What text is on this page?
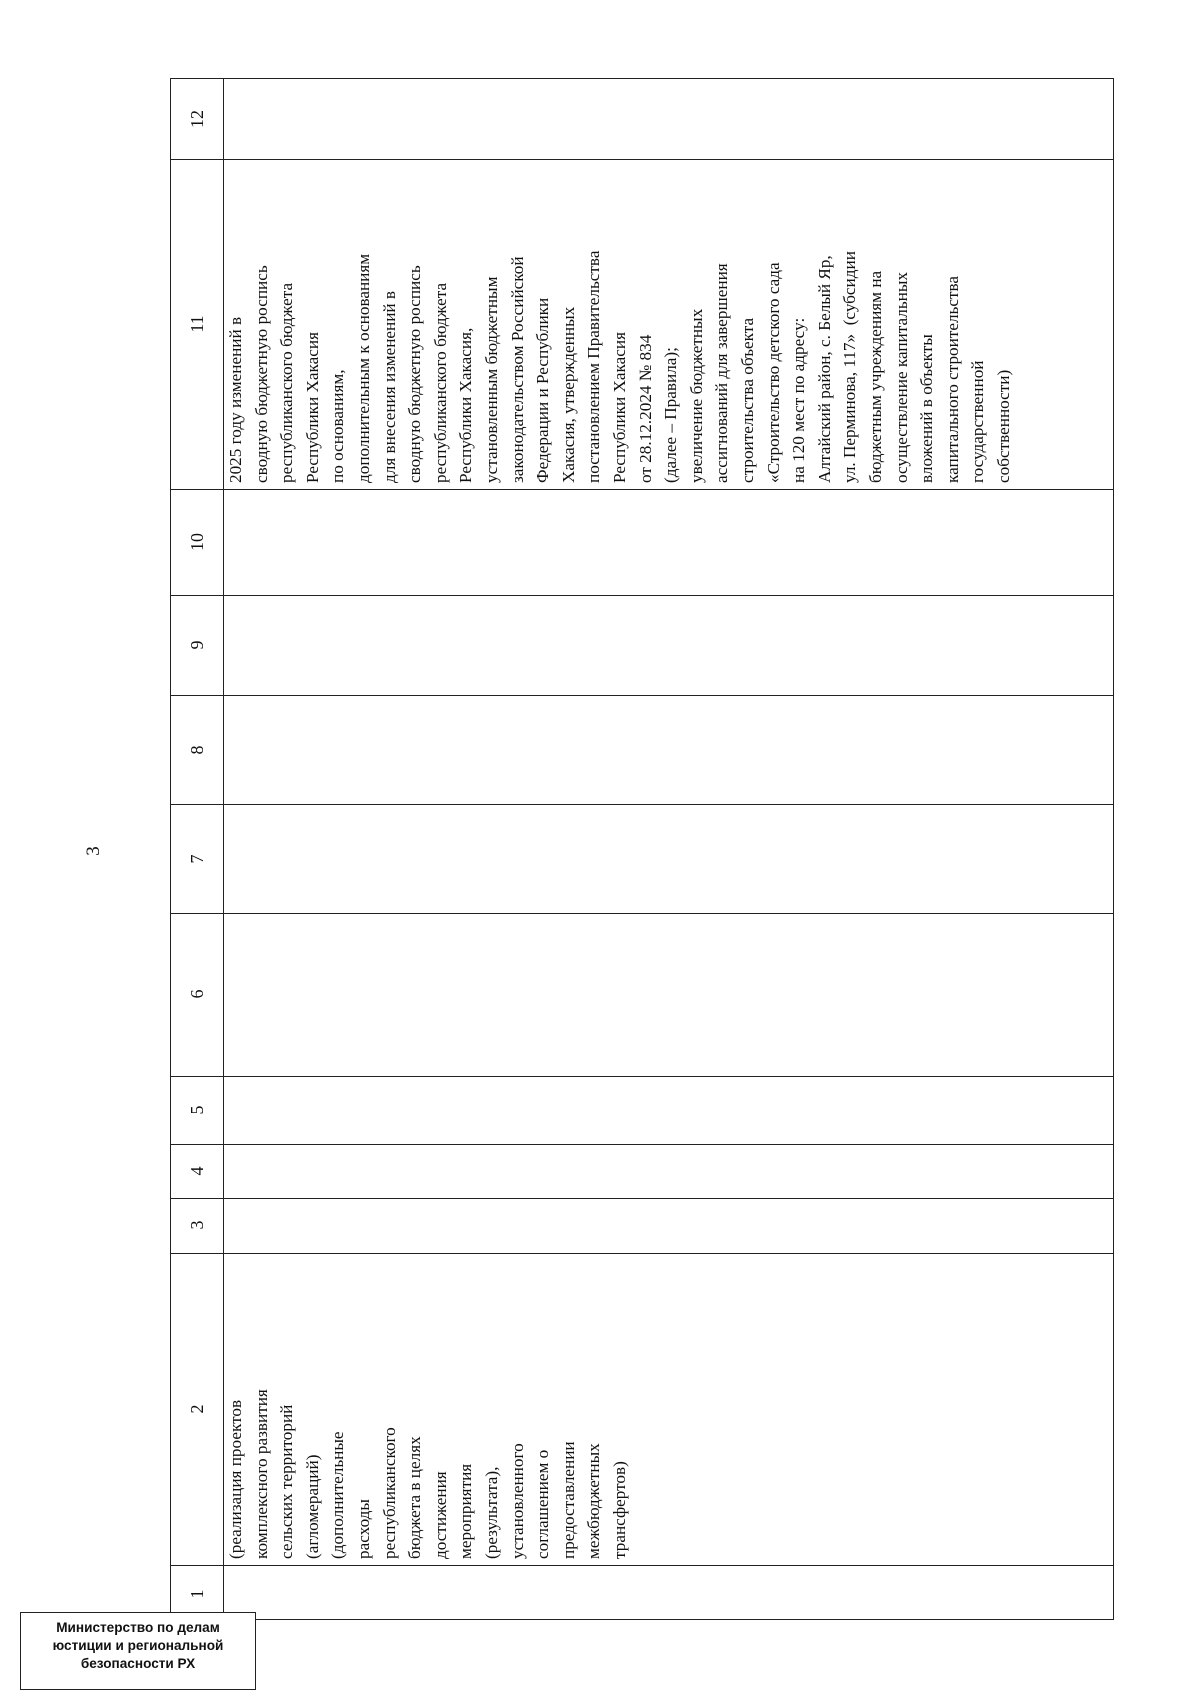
3
12
11
10
9
8
7
6
5
4
3
2
1
2025 году изменений в сводную бюджетную роспись республиканского бюджета Республики Хакасия по основаниям, дополнительным к основаниям для внесения изменений в сводную бюджетную роспись республиканского бюджета Республики Хакасия, установленным бюджетным законодательством Российской Федерации и Республики Хакасия, утвержденных постановлением Правительства Республики Хакасия от 28.12.2024 № 834 (далее – Правила); увеличение бюджетных ассигнований для завершения строительства объекта «Строительство детского сада на 120 мест по адресу: Алтайский район, с. Белый Яр, ул. Перминова, 117»  (субсидии бюджетным учреждениям на осуществление капитальных вложений в объекты капитального строительства государственной собственности)
(реализация проектов комплексного развития сельских территорий (агломераций) (дополнительные расходы республиканского бюджета в целях достижения мероприятия (результата), установленного соглашением о предоставлении межбюджетных трансфертов)
Министерство по делам
юстиции и региональной
безопасности РХ
